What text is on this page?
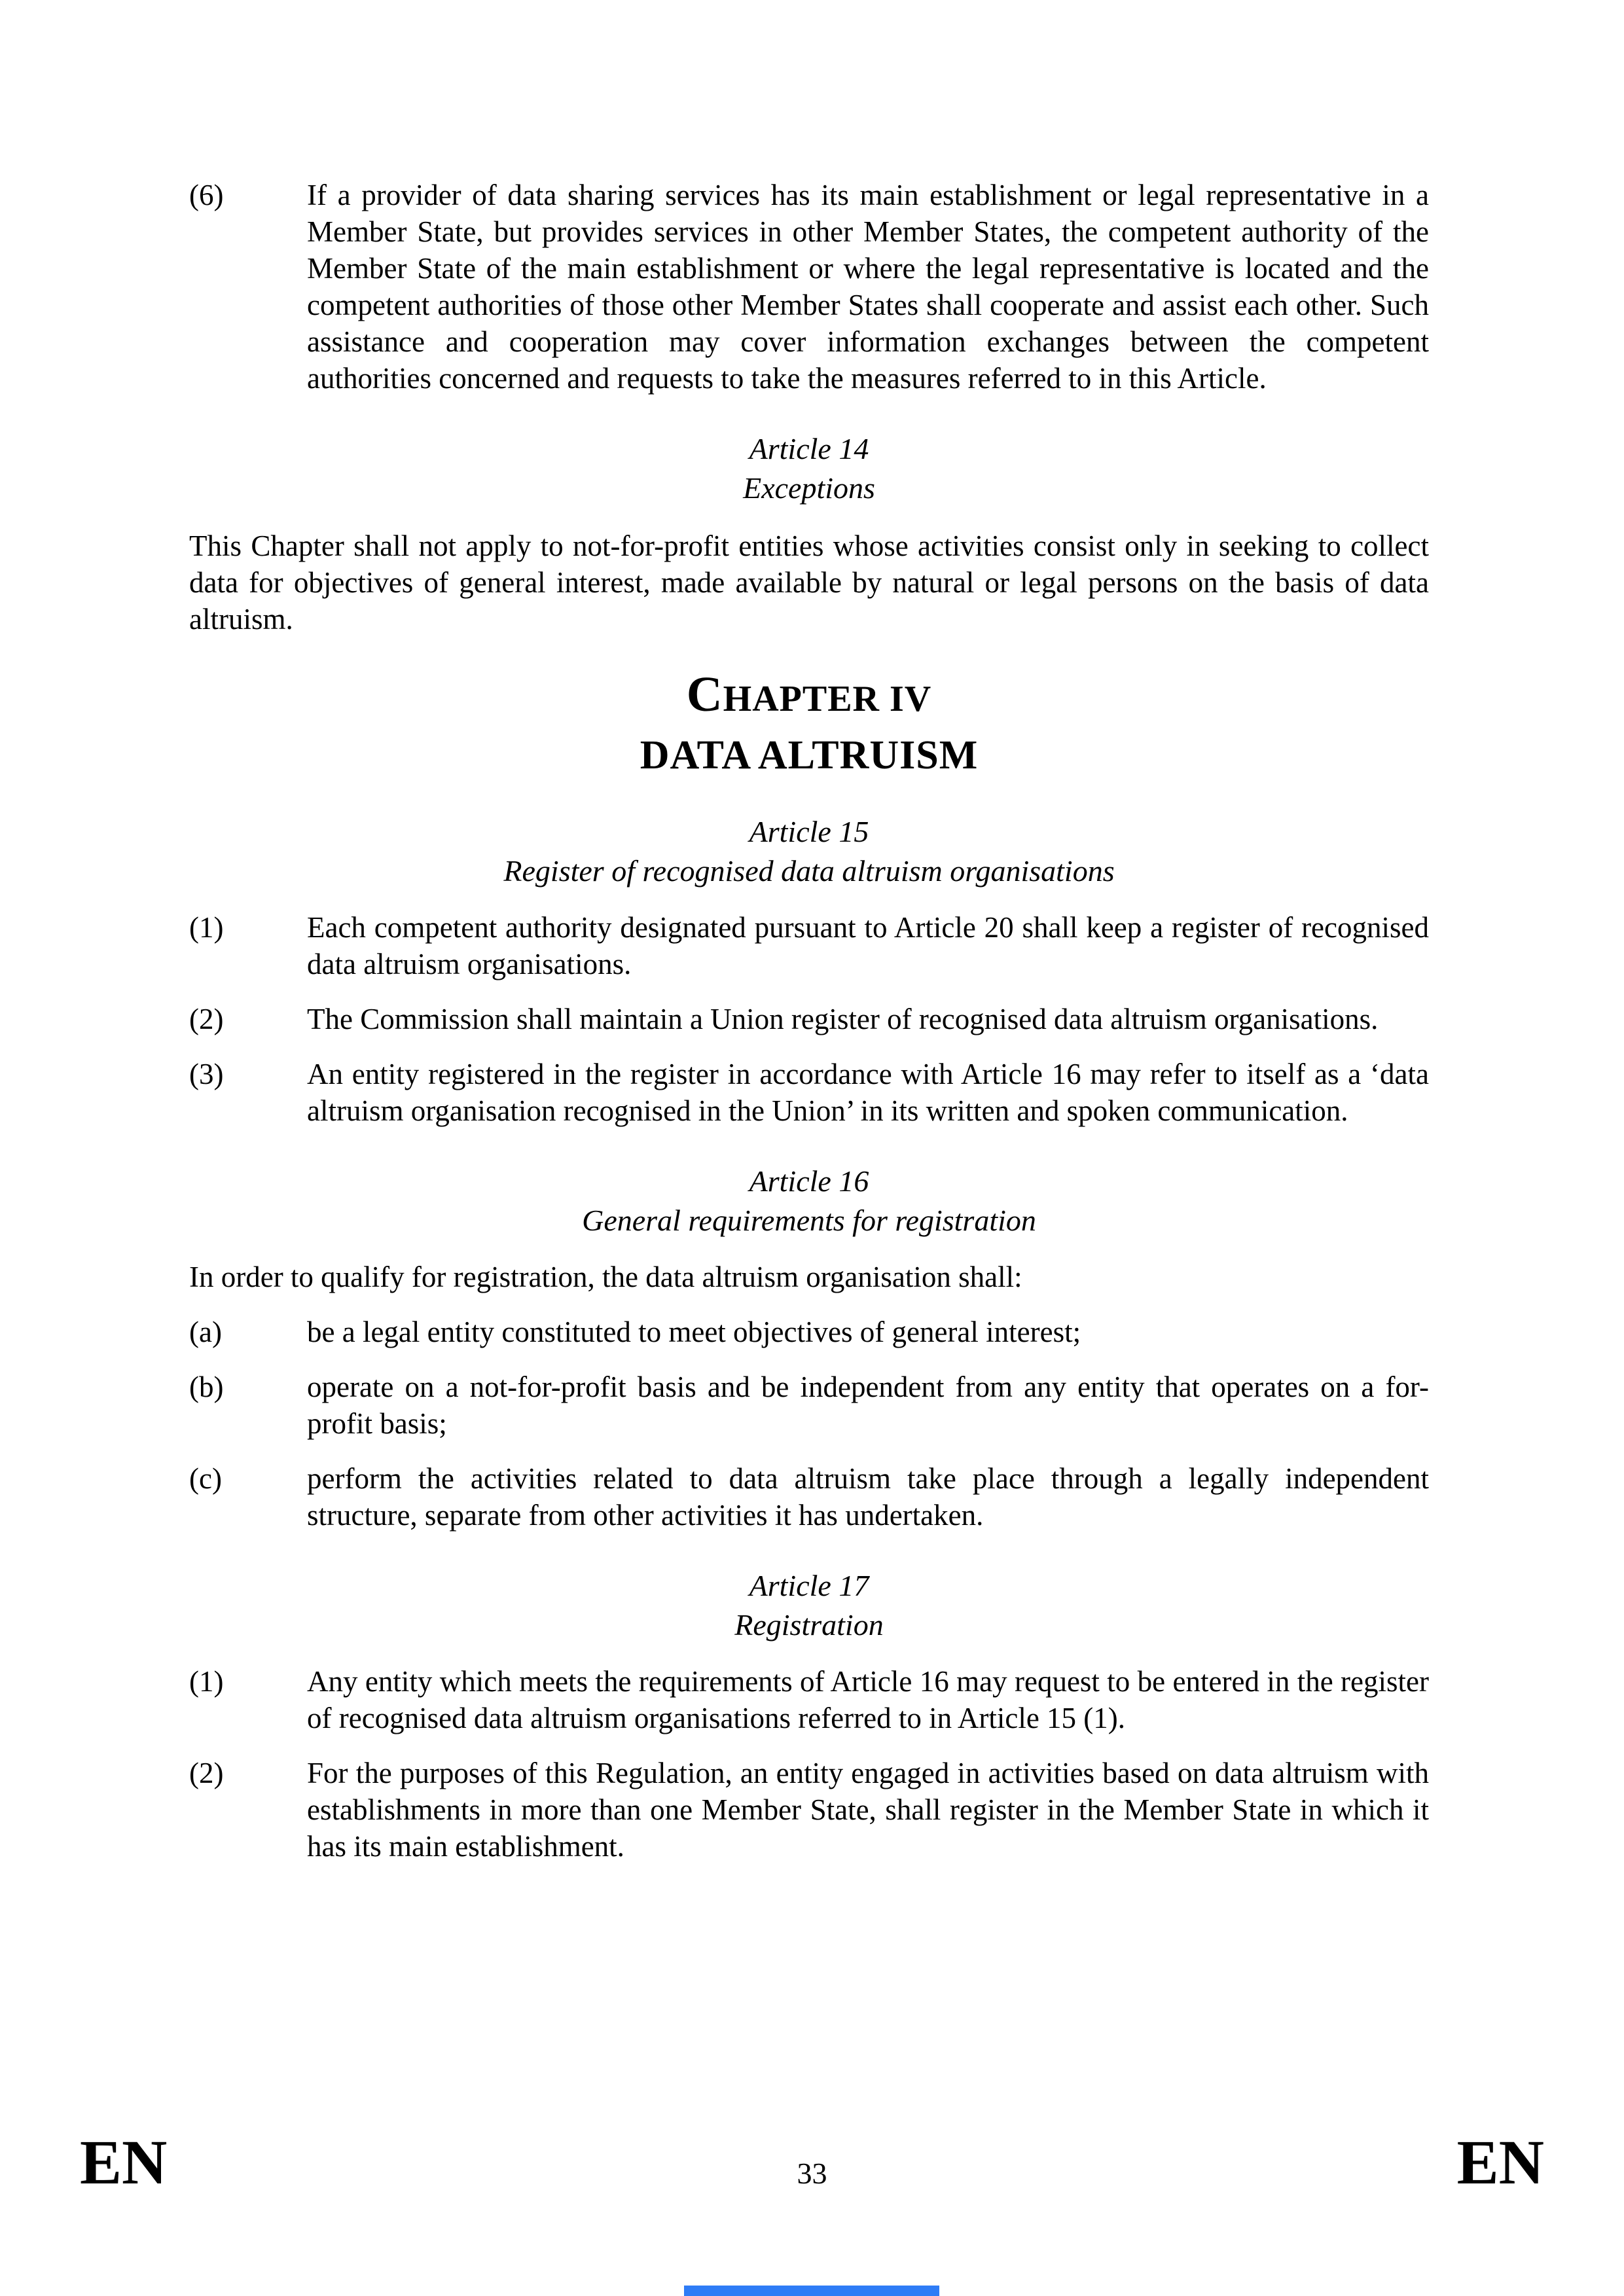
(6)	If a provider of data sharing services has its main establishment or legal representative in a Member State, but provides services in other Member States, the competent authority of the Member State of the main establishment or where the legal representative is located and the competent authorities of those other Member States shall cooperate and assist each other. Such assistance and cooperation may cover information exchanges between the competent authorities concerned and requests to take the measures referred to in this Article.
Article 14
Exceptions
This Chapter shall not apply to not-for-profit entities whose activities consist only in seeking to collect data for objectives of general interest, made available by natural or legal persons on the basis of data altruism.
CHAPTER IV
DATA ALTRUISM
Article 15
Register of recognised data altruism organisations
(1)	Each competent authority designated pursuant to Article 20 shall keep a register of recognised data altruism organisations.
(2)	The Commission shall maintain a Union register of recognised data altruism organisations.
(3)	An entity registered in the register in accordance with Article 16 may refer to itself as a ‘data altruism organisation recognised in the Union’ in its written and spoken communication.
Article 16
General requirements for registration
In order to qualify for registration, the data altruism organisation shall:
(a)	be a legal entity constituted to meet objectives of general interest;
(b)	operate on a not-for-profit basis and be independent from any entity that operates on a for-profit basis;
(c)	perform the activities related to data altruism take place through a legally independent structure, separate from other activities it has undertaken.
Article 17
Registration
(1)	Any entity which meets the requirements of Article 16 may request to be entered in the register of recognised data altruism organisations referred to in Article 15 (1).
(2)	For the purposes of this Regulation, an entity engaged in activities based on data altruism with establishments in more than one Member State, shall register in the Member State in which it has its main establishment.
EN	33	EN
